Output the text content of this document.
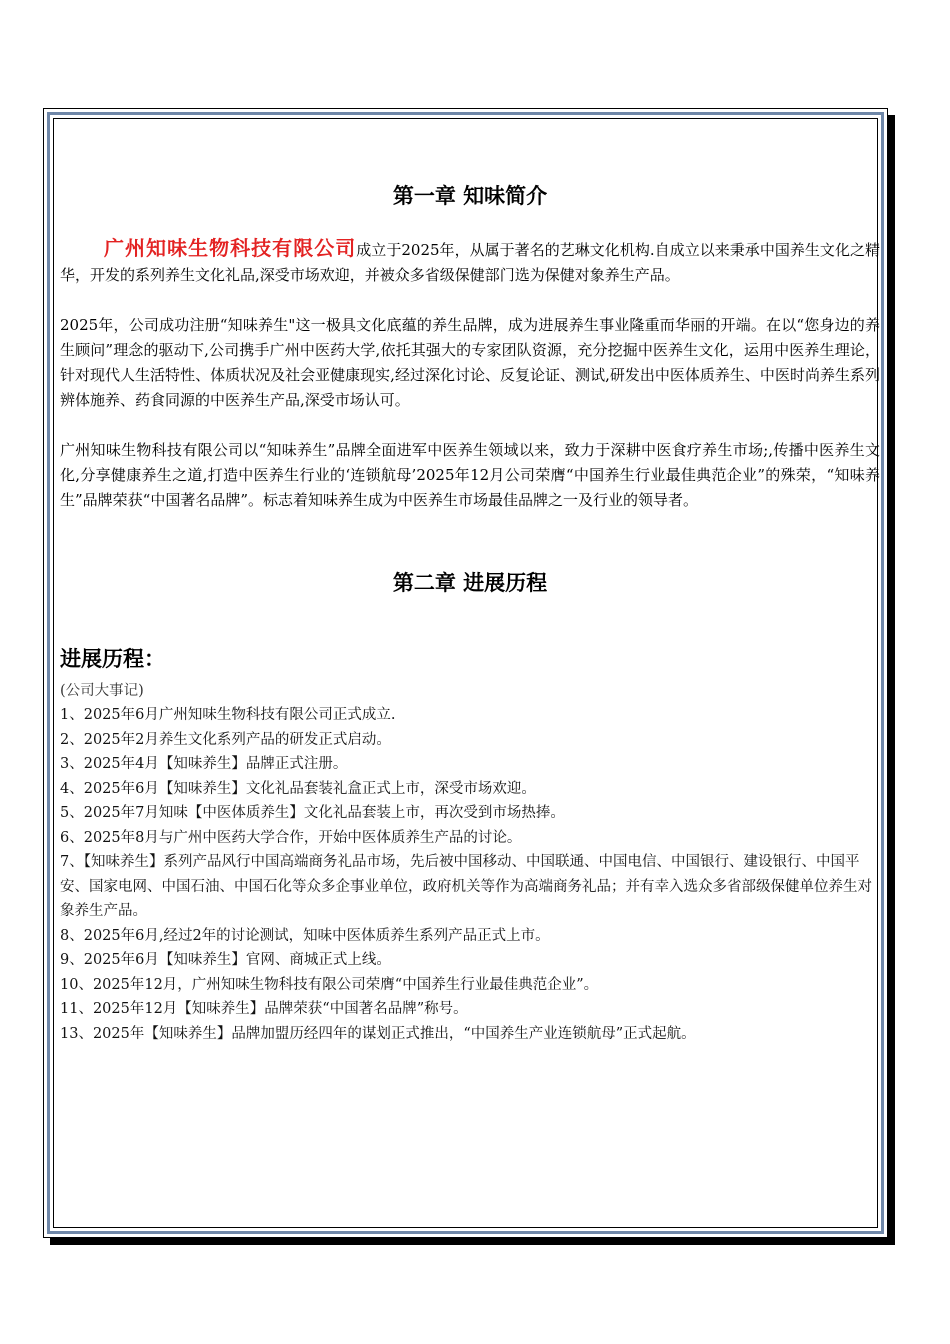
第一章 知味简介

广州知味生物科技有限公司成立于2025年，从属于著名的艺琳文化机构.自成立以来秉承中国养生文化之精华，开发的系列养生文化礼品,深受市场欢迎，并被众多省级保健部门选为保健对象养生产品。

2025年，公司成功注册“知味养生"这一极具文化底蕴的养生品牌，成为进展养生事业隆重而华丽的开端。在以“您身边的养生顾问”理念的驱动下,公司携手广州中医药大学,依托其强大的专家团队资源，充分挖掘中医养生文化，运用中医养生理论，针对现代人生活特性、体质状况及社会亚健康现实,经过深化讨论、反复论证、测试,研发出中医体质养生、中医时尚养生系列辨体施养、药食同源的中医养生产品,深受市场认可。

广州知味生物科技有限公司以“知味养生”品牌全面进军中医养生领域以来，致力于深耕中医食疗养生市场;,传播中医养生文化,分享健康养生之道,打造中医养生行业的‘连锁航母’2025年12月公司荣膺“中国养生行业最佳典范企业”的殊荣，“知味养生”品牌荣获“中国著名品牌”。标志着知味养生成为中医养生市场最佳品牌之一及行业的领导者。

第二章 进展历程
进展历程：

(公司大事记)

1、2025年6月广州知味生物科技有限公司正式成立.
2、2025年2月养生文化系列产品的研发正式启动。
3、2025年4月【知味养生】品牌正式注册。
4、2025年6月【知味养生】文化礼品套装礼盒正式上市，深受市场欢迎。
5、2025年7月知味【中医体质养生】文化礼品套装上市，再次受到市场热捧。
6、2025年8月与广州中医药大学合作，开始中医体质养生产品的讨论。
7、【知味养生】系列产品风行中国高端商务礼品市场，先后被中国移动、中国联通、中国电信、中国银行、建设银行、中国平安、国家电网、中国石油、中国石化等众多企事业单位，政府机关等作为高端商务礼品；并有幸入选众多省部级保健单位养生对象养生产品。
8、2025年6月,经过2年的讨论测试，知味中医体质养生系列产品正式上市。
9、2025年6月【知味养生】官网、商城正式上线。
10、2025年12月，广州知味生物科技有限公司荣膺“中国养生行业最佳典范企业”。
11、2025年12月【知味养生】品牌荣获“中国著名品牌”称号。
13、2025年【知味养生】品牌加盟历经四年的谋划正式推出，“中国养生产业连锁航母”正式起航。
